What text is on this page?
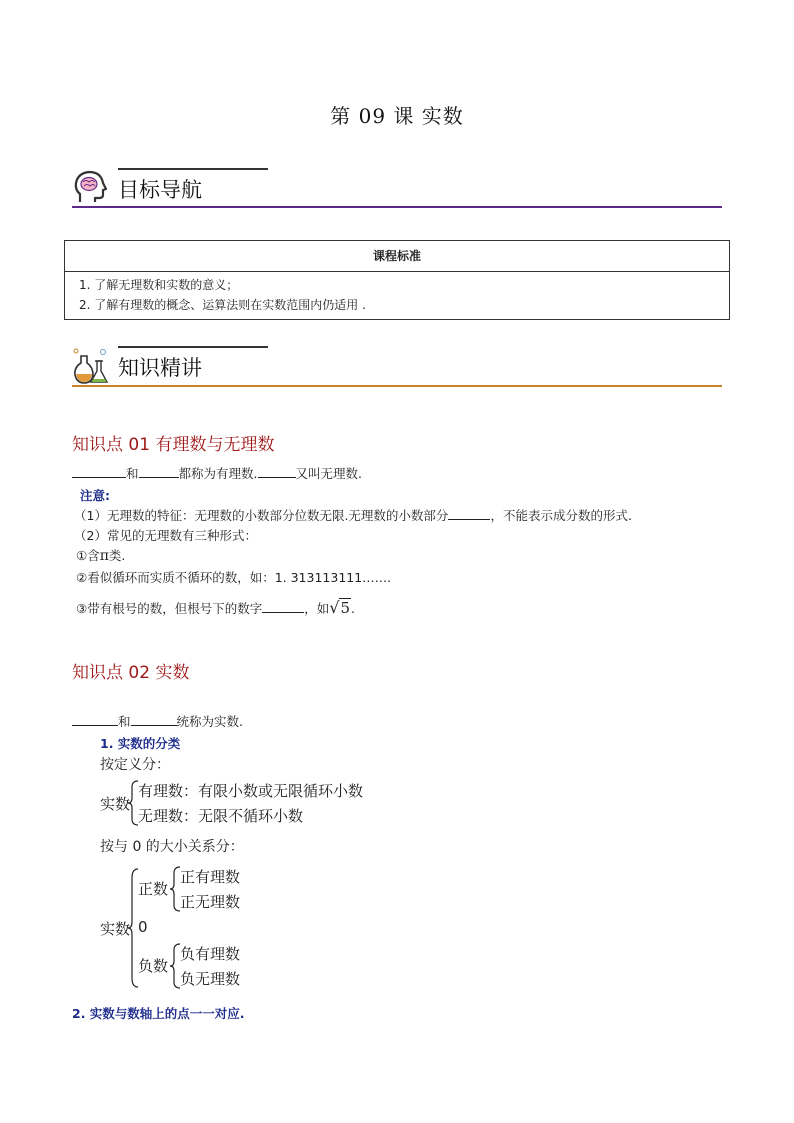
第 09 课 实数
目标导航
课程标准
1. 了解无理数和实数的意义；
2. 了解有理数的概念、运算法则在实数范围内仍适用 .
知识精讲
知识点 01 有理数与无理数
和	都称为有理数.	又叫无理数.
注意:
（1）无理数的特征：无理数的小数部分位数无限.无理数的小数部分	，不能表示成分数的形式.
（2）常见的无理数有三种形式：
①含π类.
②看似循环而实质不循环的数，如：1. 313113111…….
③带有根号的数，但根号下的数字	，如√5.
知识点 02 实数
和	统称为实数.
1. 实数的分类
按定义分：
实数
有理数：有限小数或无限循环小数
无理数：无限不循环小数
按与 0 的大小关系分：
实数
正数
正有理数
正无理数
0
负数
负有理数
负无理数
2. 实数与数轴上的点一一对应.
